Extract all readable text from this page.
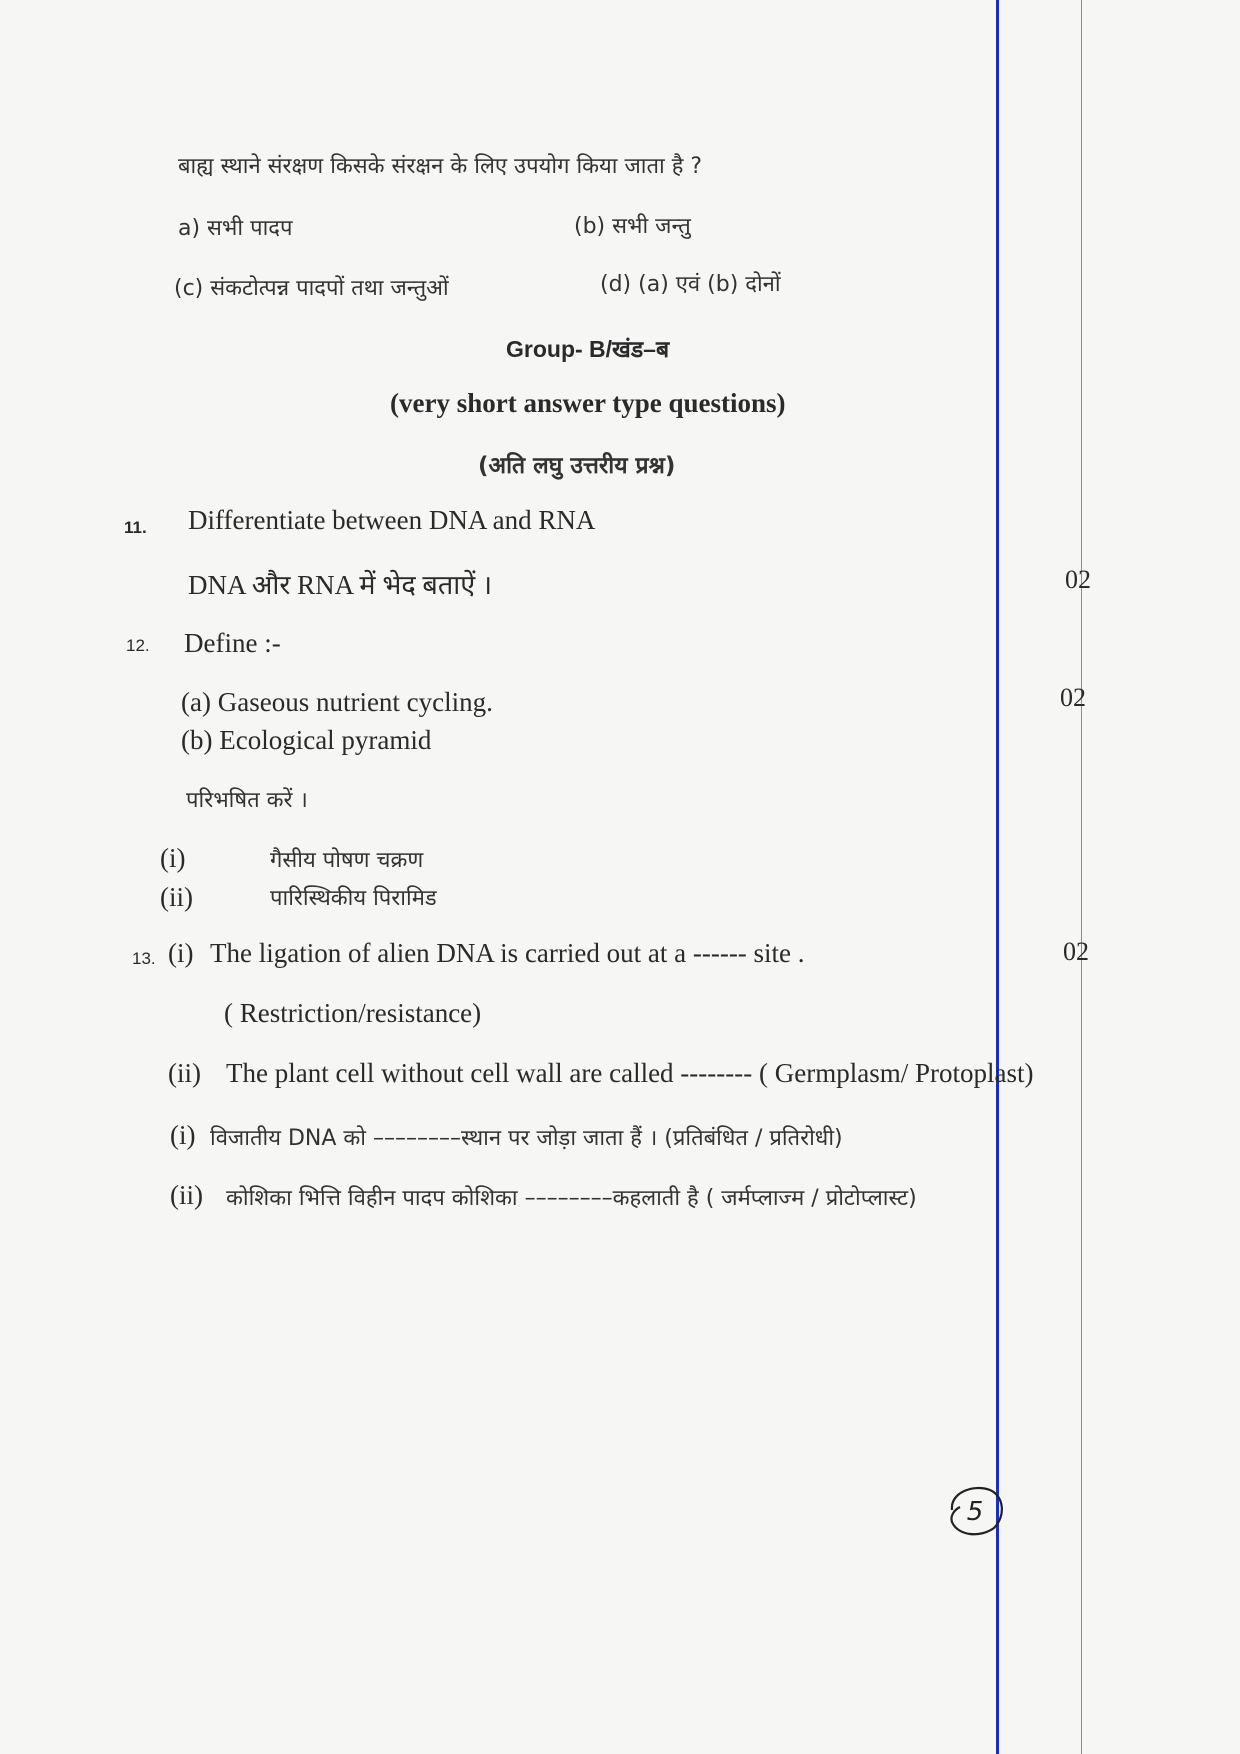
बाह्य स्थाने संरक्षण किसके संरक्षन के लिए उपयोग किया जाता है ?
a) सभी पादप	(b) सभी जन्तु
(c) संकटोत्पन्न पादपों तथा जन्तुओं	(d) (a) एवं (b) दोनों
Group- B/खंड–ब
(very short answer type questions)
(अति लघु उत्तरीय प्रश्न)
11. Differentiate between DNA and RNA
DNA और RNA में भेद बताऐं ।	02
12. Define :-
(a) Gaseous nutrient cycling.	02
(b) Ecological pyramid
परिभषित करें ।
(i)	गैसीय पोषण चक्रण
(ii)	पारिस्थिकीय पिरामिड
13. (i) The ligation of alien DNA is carried out at a ------ site .	02
( Restriction/resistance)
(ii) The plant cell without cell wall are called -------- ( Germplasm/ Protoplast)
(i) विजातीय DNA को ––––––––स्थान पर जोड़ा जाता हैं । (प्रतिबंधित / प्रतिरोधी)
(ii) कोशिका भित्ति विहीन पादप कोशिका ––––––––कहलाती है ( जर्मप्लाज्म / प्रोटोप्लास्ट)
5
